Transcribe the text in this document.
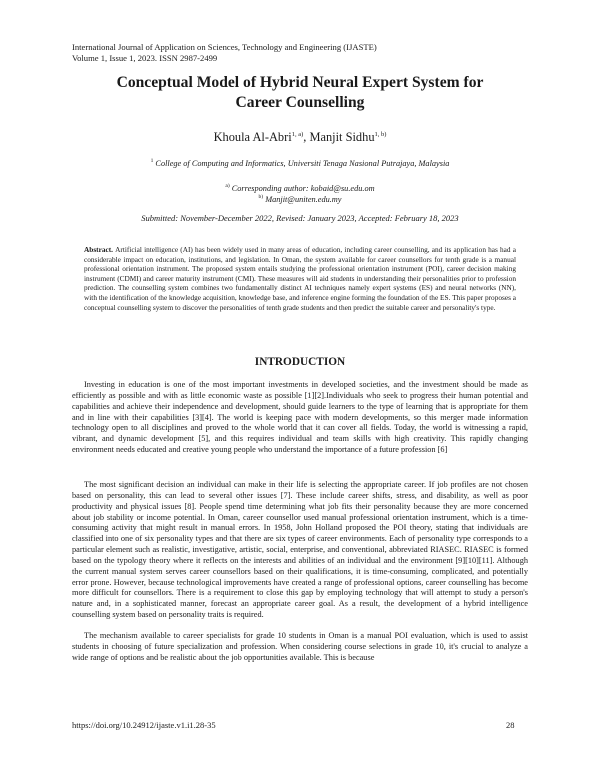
International Journal of Application on Sciences, Technology and Engineering (IJASTE)
Volume 1, Issue 1, 2023. ISSN 2987-2499
Conceptual Model of Hybrid Neural Expert System for
Career Counselling
Khoula Al-Abri$^{1, a)}$, Manjit Sidhu$^{1, b)}$
$^1$ College of Computing and Informatics, Universiti Tenaga Nasional Putrajaya, Malaysia
$^{a)}$ Corresponding author: kobaid@su.edu.om
$^{b)}$ Manjit@uniten.edu.my
Submitted: November-December 2022, Revised: January 2023, Accepted: February 18, 2023
Abstract. Artificial intelligence (AI) has been widely used in many areas of education, including career counselling, and its application has had a considerable impact on education, institutions, and legislation. In Oman, the system available for career counsellors for tenth grade is a manual professional orientation instrument. The proposed system entails studying the professional orientation instrument (POI), career decision making instrument (CDMI) and career maturity instrument (CMI). These measures will aid students in understanding their personalities prior to profession prediction. The counselling system combines two fundamentally distinct AI techniques namely expert systems (ES) and neural networks (NN), with the identification of the knowledge acquisition, knowledge base, and inference engine forming the foundation of the ES. This paper proposes a conceptual counselling system to discover the personalities of tenth grade students and then predict the suitable career and personality's type.
INTRODUCTION
Investing in education is one of the most important investments in developed societies, and the investment should be made as efficiently as possible and with as little economic waste as possible [1][2].Individuals who seek to progress their human potential and capabilities and achieve their independence and development, should guide learners to the type of learning that is appropriate for them and in line with their capabilities [3][4]. The world is keeping pace with modern developments, so this merger made information technology open to all disciplines and proved to the whole world that it can cover all fields. Today, the world is witnessing a rapid, vibrant, and dynamic development [5], and this requires individual and team skills with high creativity. This rapidly changing environment needs educated and creative young people who understand the importance of a future profession [6]
The most significant decision an individual can make in their life is selecting the appropriate career. If job profiles are not chosen based on personality, this can lead to several other issues [7]. These include career shifts, stress, and disability, as well as poor productivity and physical issues [8]. People spend time determining what job fits their personality because they are more concerned about job stability or income potential. In Oman, career counsellor used manual professional orientation instrument, which is a time-consuming activity that might result in manual errors. In 1958, John Holland proposed the POI theory, stating that individuals are classified into one of six personality types and that there are six types of career environments. Each of personality type corresponds to a particular element such as realistic, investigative, artistic, social, enterprise, and conventional, abbreviated RIASEC. RIASEC is formed based on the typology theory where it reflects on the interests and abilities of an individual and the environment [9][10][11]. Although the current manual system serves career counsellors based on their qualifications, it is time-consuming, complicated, and potentially error prone. However, because technological improvements have created a range of professional options, career counselling has become more difficult for counsellors. There is a requirement to close this gap by employing technology that will attempt to study a person's nature and, in a sophisticated manner, forecast an appropriate career goal. As a result, the development of a hybrid intelligence counselling system based on personality traits is required.
The mechanism available to career specialists for grade 10 students in Oman is a manual POI evaluation, which is used to assist students in choosing of future specialization and profession. When considering course selections in grade 10, it's crucial to analyze a wide range of options and be realistic about the job opportunities available. This is because
https://doi.org/10.24912/ijaste.v1.i1.28-35	28
